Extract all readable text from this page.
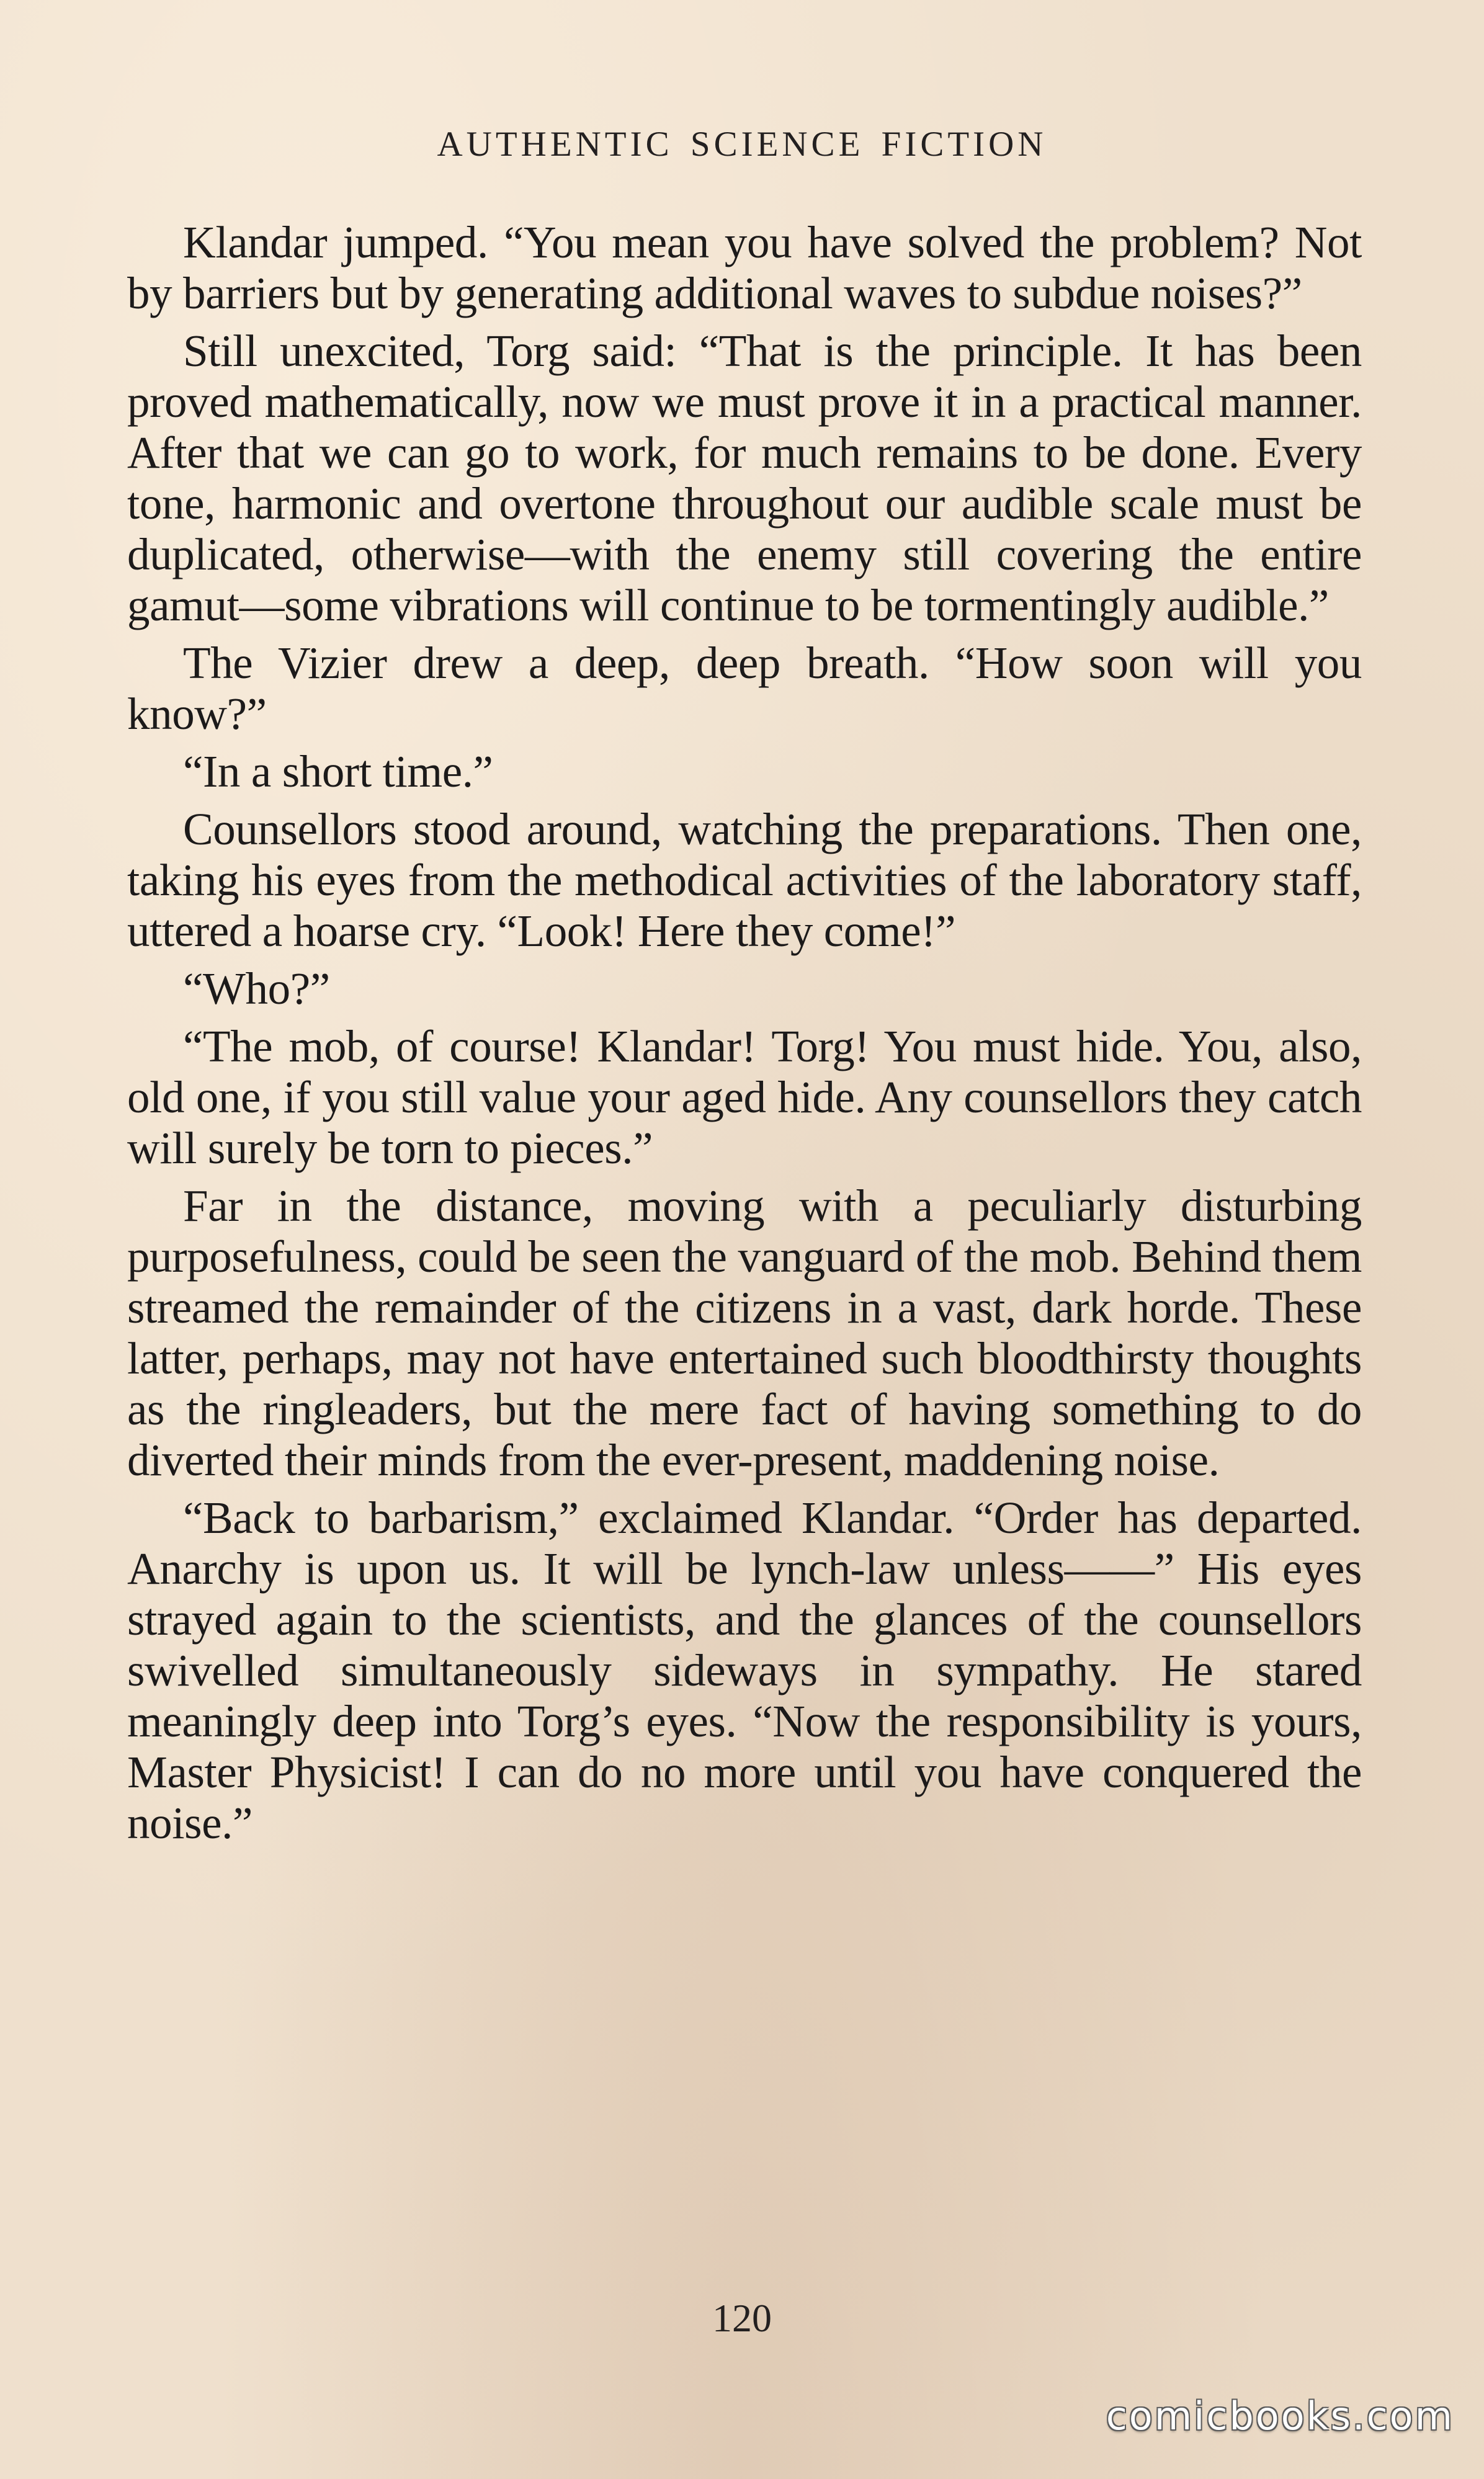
AUTHENTIC SCIENCE FICTION

Klandar jumped. “You mean you have solved the problem? Not by barriers but by generating additional waves to subdue noises?”

Still unexcited, Torg said: “That is the principle. It has been proved mathematically, now we must prove it in a practical manner. After that we can go to work, for much remains to be done. Every tone, harmonic and overtone throughout our audible scale must be duplicated, otherwise—with the enemy still covering the entire gamut—some vibrations will continue to be tormentingly audible.”

The Vizier drew a deep, deep breath. “How soon will you know?”

“In a short time.”

Counsellors stood around, watching the preparations. Then one, taking his eyes from the methodical activities of the laboratory staff, uttered a hoarse cry. “Look! Here they come!”

“Who?”

“The mob, of course! Klandar! Torg! You must hide. You, also, old one, if you still value your aged hide. Any counsellors they catch will surely be torn to pieces.”

Far in the distance, moving with a peculiarly disturbing purposefulness, could be seen the vanguard of the mob. Behind them streamed the remainder of the citizens in a vast, dark horde. These latter, perhaps, may not have entertained such bloodthirsty thoughts as the ringleaders, but the mere fact of having something to do diverted their minds from the ever-present, maddening noise.

“Back to barbarism,” exclaimed Klandar. “Order has departed. Anarchy is upon us. It will be lynch-law unless——” His eyes strayed again to the scientists, and the glances of the counsellors swivelled simultaneously sideways in sympathy. He stared meaningly deep into Torg’s eyes. “Now the responsibility is yours, Master Physicist! I can do no more until you have conquered the noise.”

120
comicbooks.com
